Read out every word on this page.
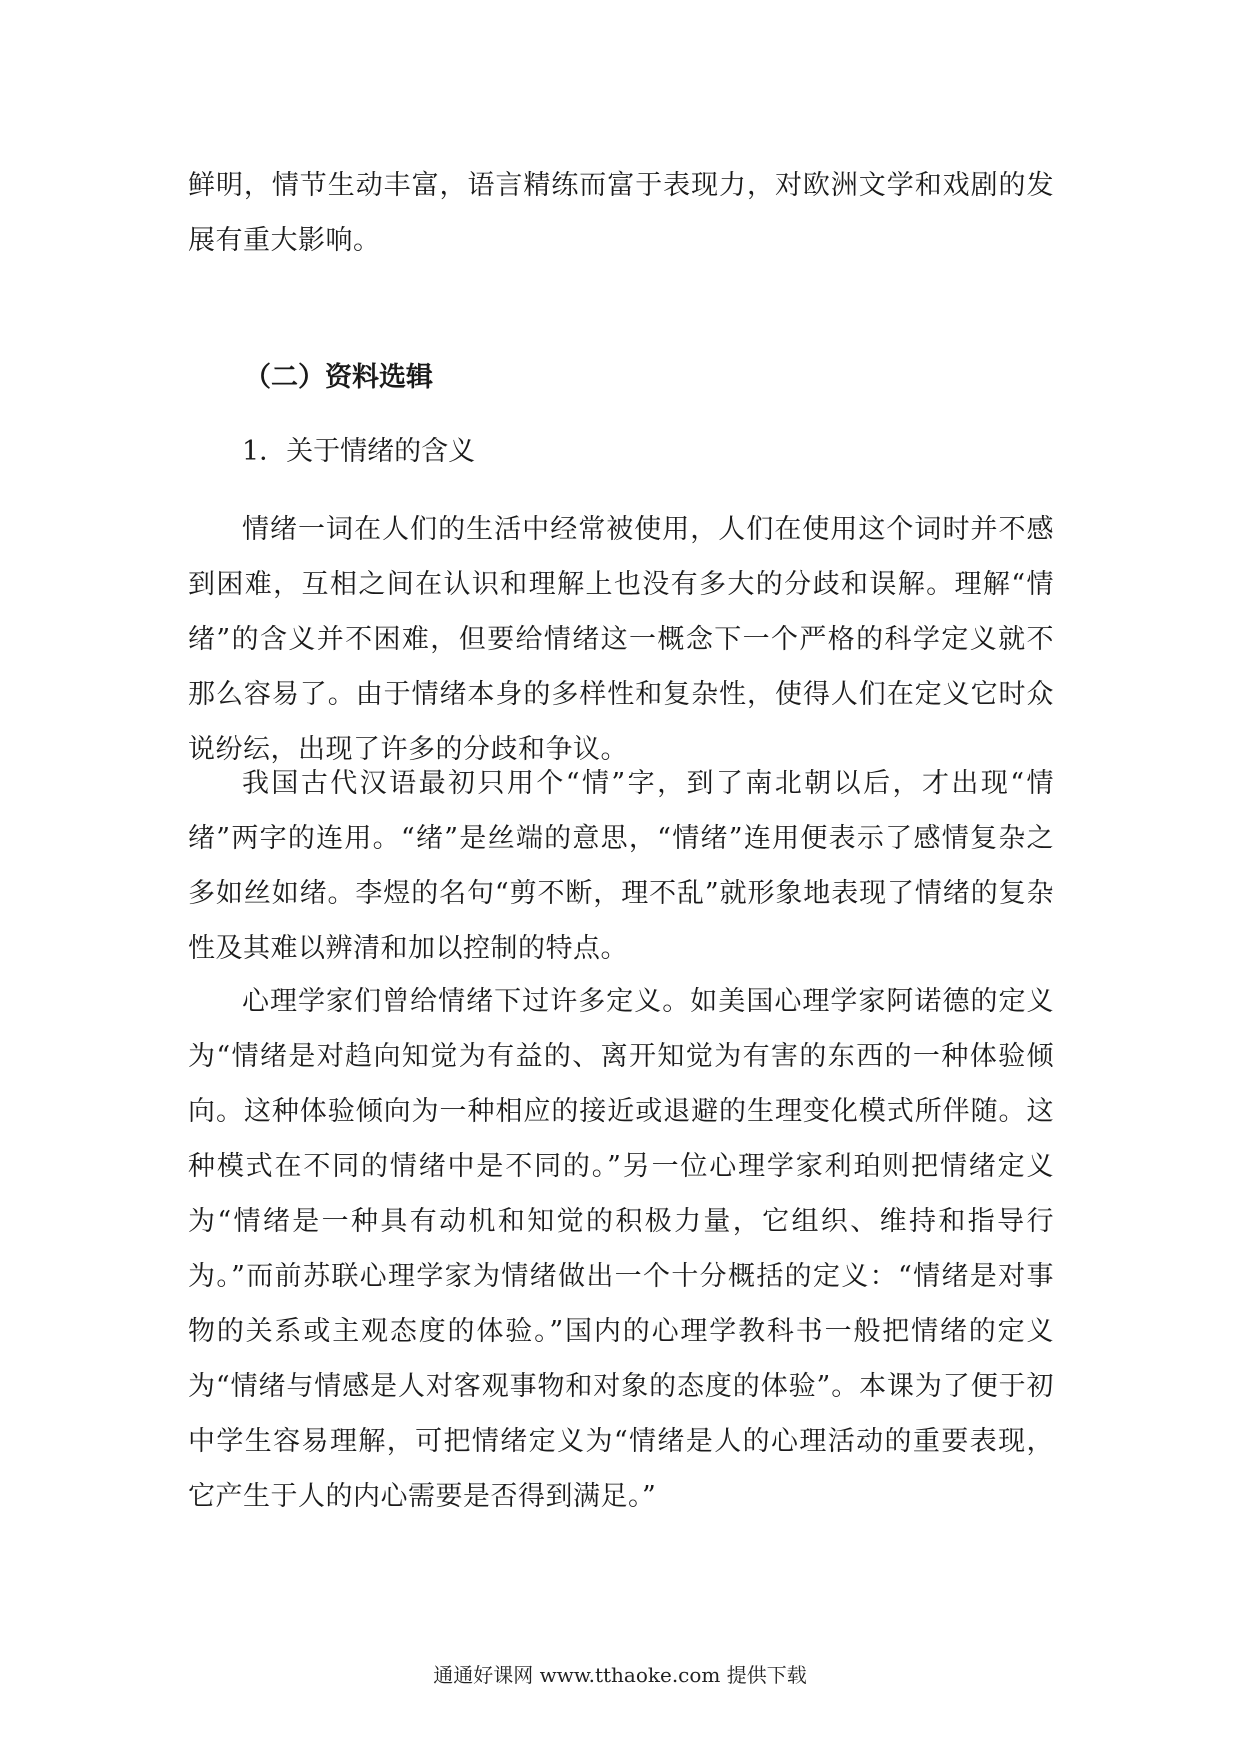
鲜明，情节生动丰富，语言精练而富于表现力，对欧洲文学和戏剧的发展有重大影响。

（二）资料选辑

1．关于情绪的含义

情绪一词在人们的生活中经常被使用，人们在使用这个词时并不感到困难，互相之间在认识和理解上也没有多大的分歧和误解。理解“情绪”的含义并不困难，但要给情绪这一概念下一个严格的科学定义就不那么容易了。由于情绪本身的多样性和复杂性，使得人们在定义它时众说纷纭，出现了许多的分歧和争议。

我国古代汉语最初只用个“情”字，到了南北朝以后，才出现“情绪”两字的连用。“绪”是丝端的意思，“情绪”连用便表示了感情复杂之多如丝如绪。李煜的名句“剪不断，理不乱”就形象地表现了情绪的复杂性及其难以辨清和加以控制的特点。

心理学家们曾给情绪下过许多定义。如美国心理学家阿诺德的定义为“情绪是对趋向知觉为有益的、离开知觉为有害的东西的一种体验倾向。这种体验倾向为一种相应的接近或退避的生理变化模式所伴随。这种模式在不同的情绪中是不同的。”另一位心理学家利珀则把情绪定义为“情绪是一种具有动机和知觉的积极力量，它组织、维持和指导行为。”而前苏联心理学家为情绪做出一个十分概括的定义：“情绪是对事物的关系或主观态度的体验。”国内的心理学教科书一般把情绪的定义为“情绪与情感是人对客观事物和对象的态度的体验”。本课为了便于初中学生容易理解，可把情绪定义为“情绪是人的心理活动的重要表现，它产生于人的内心需要是否得到满足。”

通通好课网 www.tthaoke.com 提供下载
